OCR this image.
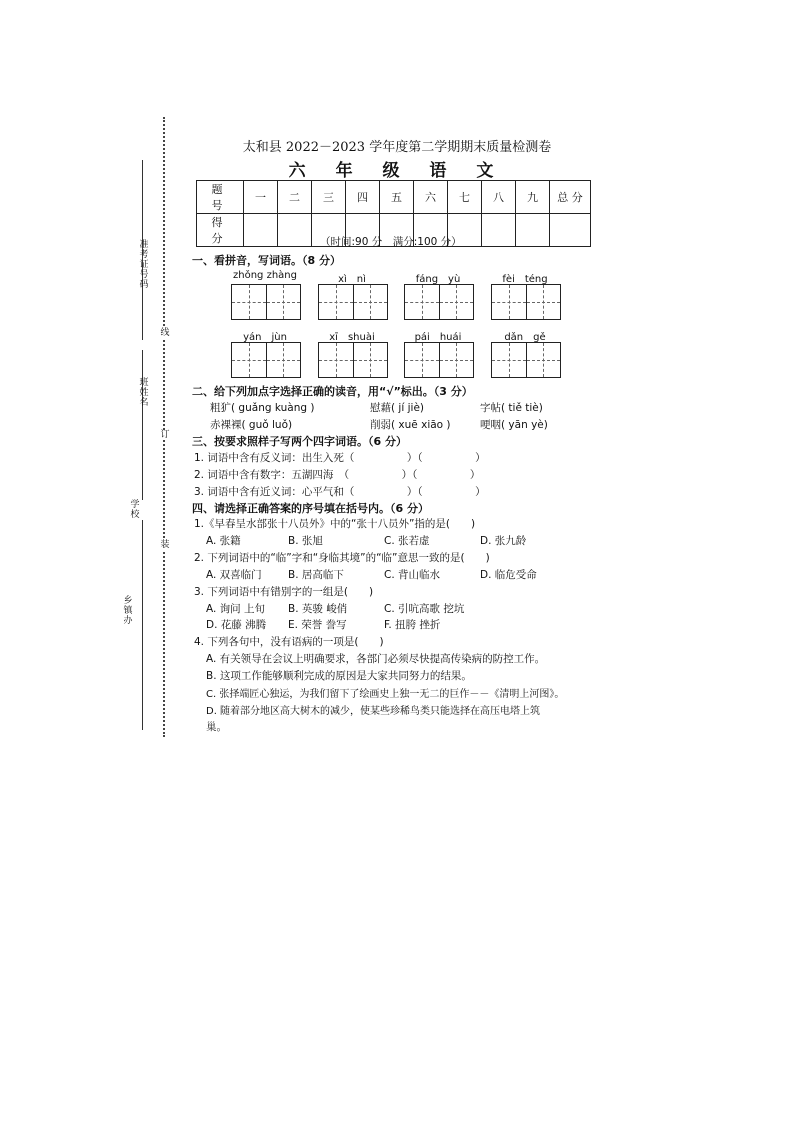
准考证号码
班 姓名
学校
乡 镇 办
线
订
装
太和县 2022－2023 学年度第二学期期末质量检测卷
六 年 级 语 文
题　号	一	二	三	四	五	六	七	八	九	总 分
得　分											（时间:90 分　满分:100 分）
一、看拼音，写词语。（8 分）
zhǒng zhàng	xì　nì	fáng　yù	fèi　téng
yán　jùn	xī　shuài	pái　huái	dǎn　gě
二、给下列加点字选择正确的读音，用“√”标出。（3 分）
粗犷( guǎng kuàng )	慰藉( jí jiè)	字帖( tiě tiè)
赤裸裸( guǒ luǒ)	削弱( xuē xiāo )	哽咽( yān yè)
三、按要求照样子写两个四字词语。（6 分）
1. 词语中含有反义词：出生入死（　　　　　）（　　　　　）
2. 词语中含有数字：五湖四海　（　　　　　）（　　　　　）
3. 词语中含有近义词：心平气和（　　　　　）（　　　　　）
四、请选择正确答案的序号填在括号内。（6 分）
1.《早春呈水部张十八员外》中的“张十八员外”指的是(　　)
A. 张籍	B. 张旭	C. 张若虚	D. 张九龄
2. 下列词语中的“临”字和“身临其境”的“临”意思一致的是(　　)
A. 双喜临门	B. 居高临下	C. 背山临水	D. 临危受命
3. 下列词语中有错别字的一组是(　　)
A. 询问 上旬 B. 英骏 峻俏	C. 引吭高歌 挖坑
D. 花藤 沸腾 E. 荣誉 誊写	F. 扭胯 挫折
4. 下列各句中，没有语病的一项是(　　)
A. 有关领导在会议上明确要求，各部门必须尽快提高传染病的防控工作。
B. 这项工作能够顺利完成的原因是大家共同努力的结果。
C. 张择端匠心独运，为我们留下了绘画史上独一无二的巨作－－《清明上河图》。
D. 随着部分地区高大树木的减少，使某些珍稀鸟类只能选择在高压电塔上筑
巢。
